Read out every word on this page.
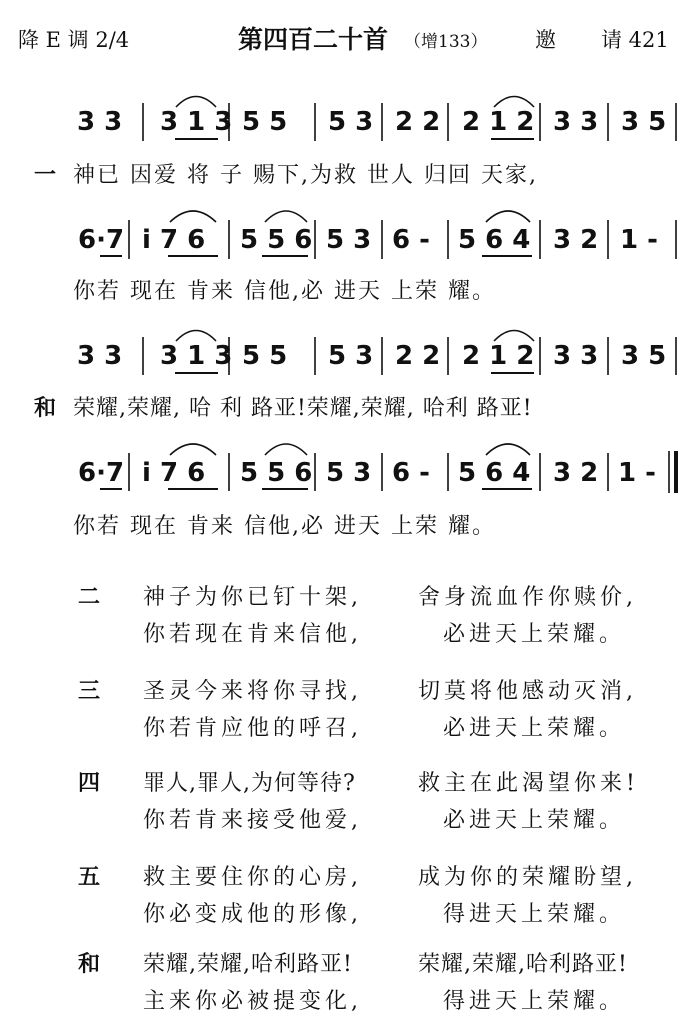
降 E 调 2/4	第四百二十首 （增133） 邀 请 421
3 3 3 1 3 5 5 5 3 2 2 2 1 2 3 3 3 5
一 神已 因爱 将 子 赐下,为救 世人 归回 天家,
6·7 i 7 6 5 5 6 5 3 6 - 5 6 4 3 2 1 -
你若 现在 肯来 信他,必 进天 上荣 耀。
3 3 3 1 3 5 5 5 3 2 2 2 1 2 3 3 3 5
和 荣耀,荣耀, 哈 利 路亚!荣耀,荣耀, 哈利 路亚!
6·7 i 7 6 5 5 6 5 3 6 - 5 6 4 3 2 1 -
你若 现在 肯来 信他,必 进天 上荣 耀。
二 神子为你已钉十架,	舍身流血作你赎价,
你若现在肯来信他,	必进天上荣耀。
三 圣灵今来将你寻找,	切莫将他感动灭消,
你若肯应他的呼召,	必进天上荣耀。
四 罪人,罪人,为何等待?	救主在此渴望你来!
你若肯来接受他爱,	必进天上荣耀。
五 救主要住你的心房,	成为你的荣耀盼望,
你必变成他的形像,	得进天上荣耀。
和 荣耀,荣耀,哈利路亚!	荣耀,荣耀,哈利路亚!
主来你必被提变化,	得进天上荣耀。
